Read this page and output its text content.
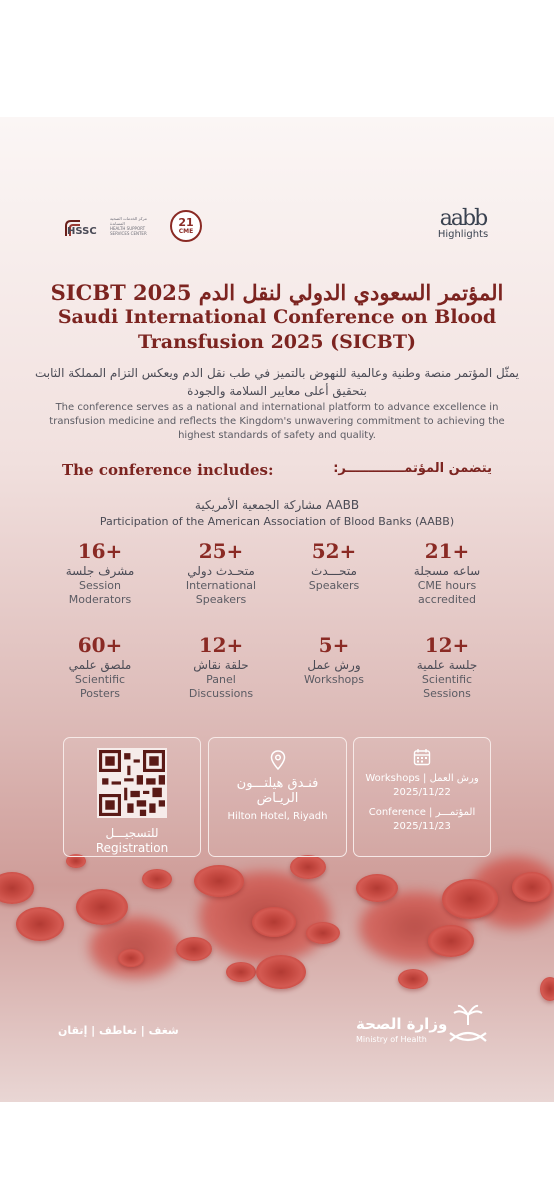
HSSC
مركز الخدمات الصحية المساندة
HEALTH SUPPORT
SERVICES CENTER
21
CME	aabb
Highlights
المؤتمر السعودي الدولي لنقل الدم SICBT 2025
Saudi International Conference on Blood Transfusion 2025 (SICBT)
يمثّل المؤتمر منصة وطنية وعالمية للنهوض بالتميز في طب نقل الدم ويعكس التزام المملكة الثابت بتحقيق أعلى معايير السلامة والجودة
The conference serves as a national and international platform to advance excellence in transfusion medicine and reflects the Kingdom's unwavering commitment to achieving the highest standards of safety and quality.
The conference includes:	يتضمن المؤتمـــــــــــــر:
مشاركة الجمعية الأمريكية AABB
Participation of the American Association of Blood Banks (AABB)
16+
مشرف جلسة
Session
Moderators
25+
متحـدث دولي
International
Speakers
52+
متحـــدث
Speakers
21+
ساعه مسجلة
CME hours
accredited
60+
ملصق علمي
Scientific
Posters
12+
حلقة نقاش
Panel
Discussions
5+
ورش عمل
Workshops
12+
جلسة علمية
Scientific
Sessions
للتسجيـــل
Registration
فنـدق هيلتـــون
الريـاض
Hilton Hotel, Riyadh
Workshops | ورش العمل
2025/11/22
Conference | المؤتمـــر
2025/11/23
شغف | تعاطف | إتقان	وزارة الصحة
Ministry of Health
